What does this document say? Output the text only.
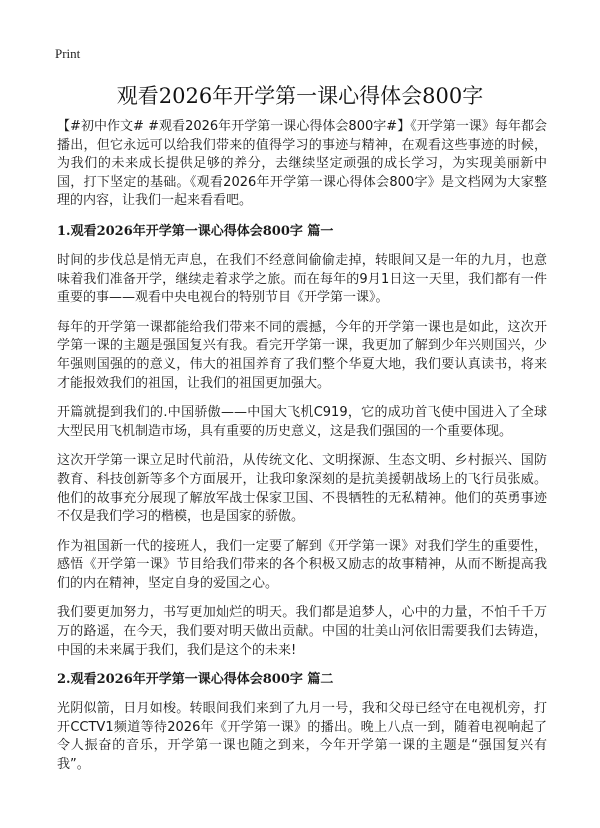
Print
观看2026年开学第一课心得体会800字

【#初中作文# #观看2026年开学第一课心得体会800字#】《开学第一课》每年都会播出，但它永远可以给我们带来的值得学习的事迹与精神，在观看这些事迹的时候，为我们的未来成长提供足够的养分，去继续坚定顽强的成长学习，为实现美丽新中国，打下坚定的基础。《观看2026年开学第一课心得体会800字》是文档网为大家整理的内容，让我们一起来看看吧。

1.观看2026年开学第一课心得体会800字 篇一

时间的步伐总是悄无声息，在我们不经意间偷偷走掉，转眼间又是一年的九月，也意味着我们准备开学，继续走着求学之旅。而在每年的9月1日这一天里，我们都有一件重要的事——观看中央电视台的特别节目《开学第一课》。

每年的开学第一课都能给我们带来不同的震撼，今年的开学第一课也是如此，这次开学第一课的主题是强国复兴有我。看完开学第一课，我更加了解到少年兴则国兴，少年强则国强的的意义，伟大的祖国养育了我们整个华夏大地，我们要认真读书，将来才能报效我们的祖国，让我们的祖国更加强大。

开篇就提到我们的.中国骄傲——中国大飞机C919，它的成功首飞使中国进入了全球大型民用飞机制造市场，具有重要的历史意义，这是我们强国的一个重要体现。

这次开学第一课立足时代前沿，从传统文化、文明探源、生态文明、乡村振兴、国防教育、科技创新等多个方面展开，让我印象深刻的是抗美援朝战场上的飞行员张威。他们的故事充分展现了解放军战士保家卫国、不畏牺牲的无私精神。他们的英勇事迹不仅是我们学习的楷模，也是国家的骄傲。

作为祖国新一代的接班人，我们一定要了解到《开学第一课》对我们学生的重要性，感悟《开学第一课》节目给我们带来的各个积极又励志的故事精神，从而不断提高我们的内在精神，坚定自身的爱国之心。

我们要更加努力，书写更加灿烂的明天。我们都是追梦人，心中的力量，不怕千千万万的路遥，在今天，我们要对明天做出贡献。中国的壮美山河依旧需要我们去铸造，中国的未来属于我们，我们是这个的未来!

2.观看2026年开学第一课心得体会800字 篇二

光阴似箭，日月如梭。转眼间我们来到了九月一号，我和父母已经守在电视机旁，打开CCTV1频道等待2026年《开学第一课》的播出。晚上八点一到，随着电视响起了令人振奋的音乐，开学第一课也随之到来，今年开学第一课的主题是“强国复兴有我”。
